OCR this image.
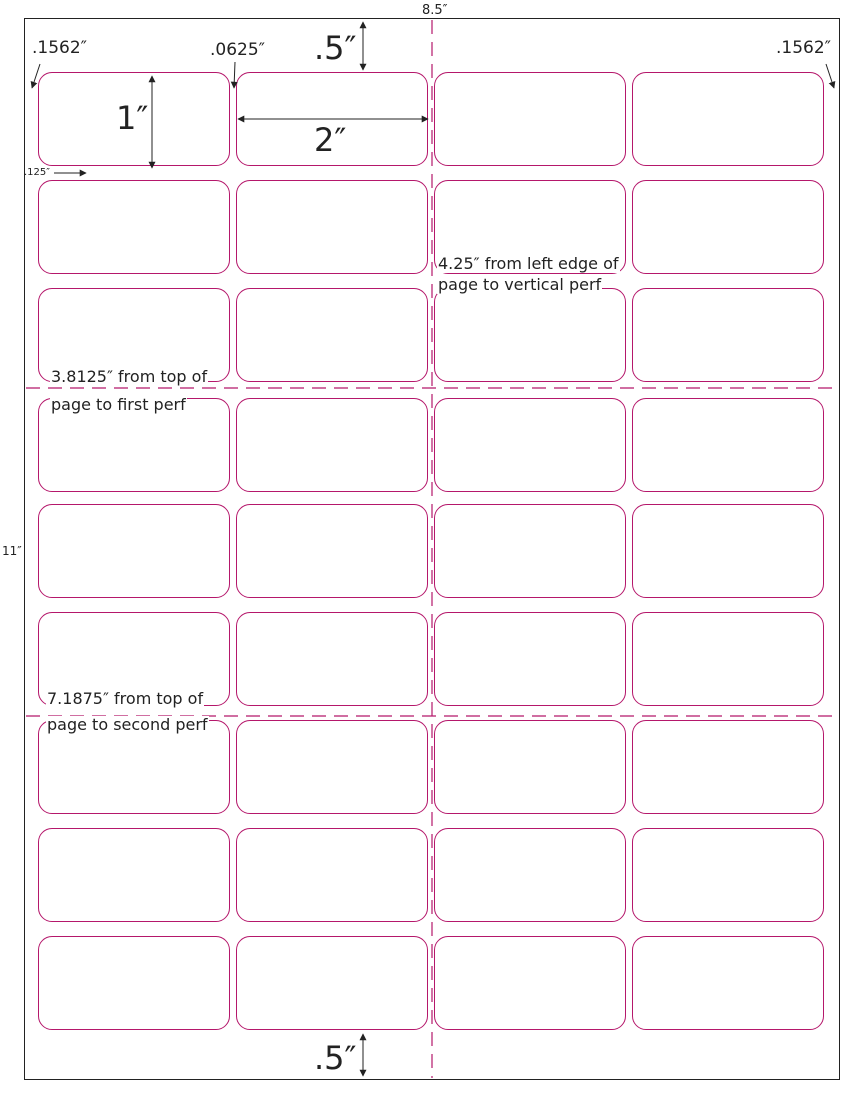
8.5″
11″
.1562″	.1562″
.0625″ .5″
.5″
1″
2″
.125″
4.25″ from left edge of
page to vertical perf
3.8125″ from top of
page to first perf
7.1875″ from top of
page to second perf
